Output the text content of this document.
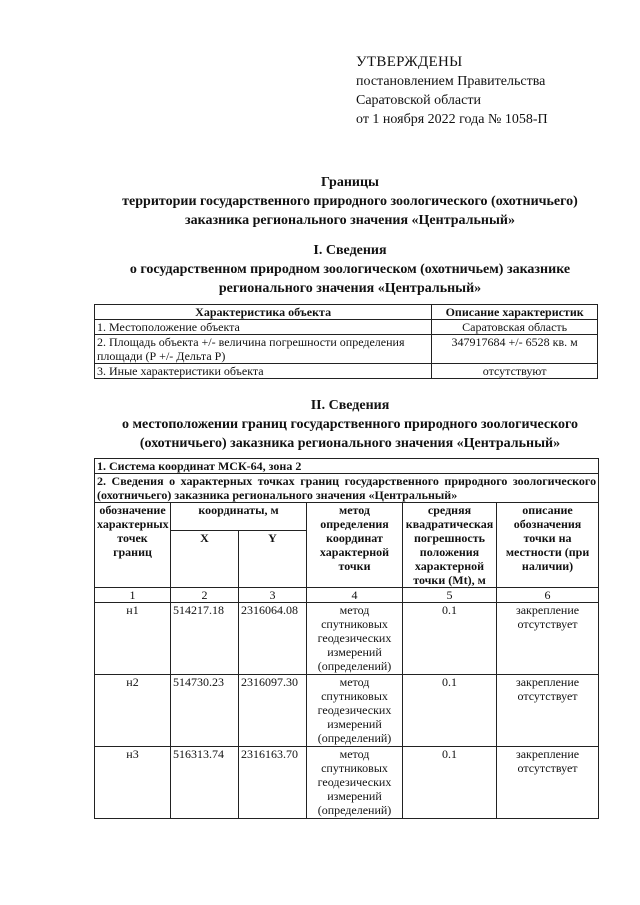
УТВЕРЖДЕНЫ
постановлением Правительства
Саратовской области
от 1 ноября 2022 года № 1058-П
Границы
территории государственного природного зоологического (охотничьего)
заказника регионального значения «Центральный»
I. Сведения
о государственном природном зоологическом (охотничьем) заказнике
регионального значения «Центральный»
Характеристика объекта	Описание характеристик
1. Местоположение объекта	Саратовская область
2. Площадь объекта +/- величина погрешности определения площади (Р +/- Дельта Р)	347917684 +/- 6528 кв. м
3. Иные характеристики объекта	отсутствуют
II. Сведения
о местоположении границ государственного природного зоологического
(охотничьего) заказника регионального значения «Центральный»
1. Система координат МСК-64, зона 2					
2. Сведения о характерных точках границ государственного природного зоологического (охотничьего) заказника регионального значения «Центральный»					
обозначение характерных точек границ	координаты, м		метод определения координат характерной точки	средняя квадратическая погрешность положения характерной точки (Mt), м	описание обозначения точки на местности (при наличии)
	X	Y			
1	2	3	4	5	6
н1	514217.18	2316064.08	метод спутниковых геодезических измерений (определений)	0.1	закрепление отсутствует
н2	514730.23	2316097.30	метод спутниковых геодезических измерений (определений)	0.1	закрепление отсутствует
н3	516313.74	2316163.70	метод спутниковых геодезических измерений (определений)	0.1	закрепление отсутствует
